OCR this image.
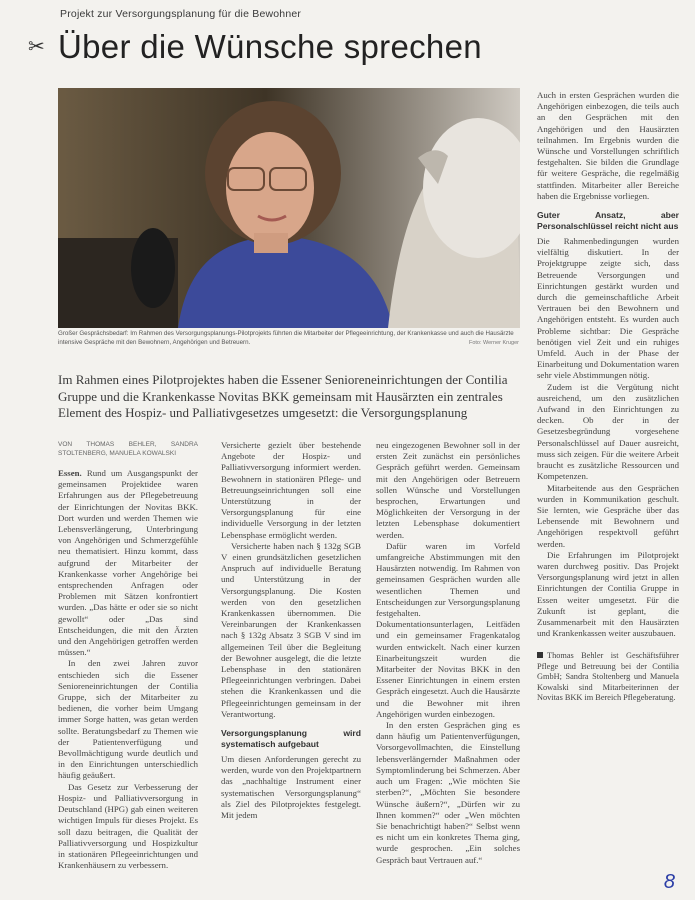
✂
Projekt zur Versorgungsplanung für die Bewohner
Über die Wünsche sprechen
Großer Gesprächsbedarf: Im Rahmen des Versorgungsplanungs-Pilotprojekts führten die Mitarbeiter der Pflegeeinrichtung, der Krankenkasse und auch die Hausärzte intensive Gespräche mit den Bewohnern, Angehörigen und Betreuern.	Foto: Werner Kruger
Im Rahmen eines Pilotprojektes haben die Essener Senioreneinrichtungen der Contilia Gruppe und die Krankenkasse Novitas BKK gemeinsam mit Hausärzten ein zentrales Element des Hospiz- und Palliativgesetzes umgesetzt: die Versorgungsplanung
VON THOMAS BEHLER, SANDRA STOLTENBERG, MANUELA KOWALSKI

Essen. Rund um Ausgangspunkt der gemeinsamen Projektidee waren Erfahrungen aus der Pflegebetreuung der Einrichtungen der Novitas BKK. Dort wurden und werden Themen wie Lebensverlängerung, Unterbringung von Angehörigen und Schmerzgefühle neu thematisiert. Hinzu kommt, dass aufgrund der Mitarbeiter der Krankenkasse vorher Angehörige bei entsprechenden Anfragen oder Problemen mit Sätzen konfrontiert wurden. „Das hätte er oder sie so nicht gewollt“ oder „Das sind Entscheidungen, die mit den Ärzten und den Angehörigen getroffen werden müssen.“

In den zwei Jahren zuvor entschieden sich die Essener Senioreneinrichtungen der Contilia Gruppe, sich der Mitarbeiter zu bedienen, die vorher beim Umgang immer Sorge hatten, was getan werden sollte. Beratungsbedarf zu Themen wie der Patientenverfügung und Bevollmächtigung wurde deutlich und in den Einrichtungen unterschiedlich häufig geäußert.

Das Gesetz zur Verbesserung der Hospiz- und Palliativversorgung in Deutschland (HPG) gab einen weiteren wichtigen Impuls für dieses Projekt. Es soll dazu beitragen, die Qualität der Palliativversorgung und Hospizkultur in stationären Pflegeeinrichtungen und Krankenhäusern zu verbessern.

Versicherte gezielt über bestehende Angebote der Hospiz- und Palliativversorgung informiert werden. Bewohnern in stationären Pflege- und Betreuungseinrichtungen soll eine Unterstützung in der Versorgungsplanung für eine individuelle Versorgung in der letzten Lebensphase ermöglicht werden.

Versicherte haben nach § 132g SGB V einen grundsätzlichen gesetzlichen Anspruch auf individuelle Beratung und Unterstützung in der Versorgungsplanung. Die Kosten werden von den gesetzlichen Krankenkassen übernommen. Die Vereinbarungen der Krankenkassen nach § 132g Absatz 3 SGB V sind im allgemeinen Teil über die Begleitung der Bewohner ausgelegt, die die letzte Lebensphase in den stationären Pflegeeinrichtungen verbringen. Dabei stehen die Krankenkassen und die Pflegeeinrichtungen gemeinsam in der Verantwortung.

Versorgungsplanung wird systematisch aufgebaut

Um diesen Anforderungen gerecht zu werden, wurde von den Projektpartnern das „nachhaltige Instrument einer systematischen Versorgungsplanung“ als Ziel des Pilotprojektes festgelegt. Mit jedem

neu eingezogenen Bewohner soll in der ersten Zeit zunächst ein persönliches Gespräch geführt werden. Gemeinsam mit den Angehörigen oder Betreuern sollen Wünsche und Vorstellungen besprochen, Erwartungen und Möglichkeiten der Versorgung in der letzten Lebensphase dokumentiert werden.

Dafür waren im Vorfeld umfangreiche Abstimmungen mit den Hausärzten notwendig. Im Rahmen von gemeinsamen Gesprächen wurden alle wesentlichen Themen und Entscheidungen zur Versorgungsplanung festgehalten. Dokumentationsunterlagen, Leitfäden und ein gemeinsamer Fragenkatalog wurden entwickelt. Nach einer kurzen Einarbeitungszeit wurden die Mitarbeiter der Novitas BKK in den Essener Einrichtungen in einem ersten Gespräch eingesetzt. Auch die Hausärzte und die Bewohner mit ihren Angehörigen wurden einbezogen.

In den ersten Gesprächen ging es dann häufig um Patientenverfügungen, Vorsorgevollmachten, die Einstellung lebensverlängernder Maßnahmen oder Symptomlinderung bei Schmerzen. Aber auch um Fragen: „Wie möchten Sie sterben?“, „Möchten Sie besondere Wünsche äußern?“, „Dürfen wir zu Ihnen kommen?“ oder „Wen möchten Sie benachrichtigt haben?“ Selbst wenn es nicht um ein konkretes Thema ging, wurde gesprochen. „Ein solches Gespräch baut Vertrauen auf.“

Auch in ersten Gesprächen wurden die Angehörigen einbezogen, die teils auch an den Gesprächen mit den Angehörigen und den Hausärzten teilnahmen. Im Ergebnis wurden die Wünsche und Vorstellungen schriftlich festgehalten. Sie bilden die Grundlage für weitere Gespräche, die regelmäßig stattfinden. Mitarbeiter aller Bereiche haben die Ergebnisse vorliegen.

Guter Ansatz, aber Personalschlüssel reicht nicht aus

Die Rahmenbedingungen wurden vielfältig diskutiert. In der Projektgruppe zeigte sich, dass Betreuende Versorgungen und Einrichtungen gestärkt wurden und durch die gemeinschaftliche Arbeit Vertrauen bei den Bewohnern und Angehörigen entsteht. Es wurden auch Probleme sichtbar: Die Gespräche benötigen viel Zeit und ein ruhiges Umfeld. Auch in der Phase der Einarbeitung und Dokumentation waren sehr viele Abstimmungen nötig.

Zudem ist die Vergütung nicht ausreichend, um den zusätzlichen Aufwand in den Einrichtungen zu decken. Ob der in der Gesetzesbegründung vorgesehene Personalschlüssel auf Dauer ausreicht, muss sich zeigen. Für die weitere Arbeit braucht es zusätzliche Ressourcen und Kompetenzen.

Mitarbeitende aus den Gesprächen wurden in Kommunikation geschult. Sie lernten, wie Gespräche über das Lebensende mit Bewohnern und Angehörigen respektvoll geführt werden.

Die Erfahrungen im Pilotprojekt waren durchweg positiv. Das Projekt Versorgungsplanung wird jetzt in allen Einrichtungen der Contilia Gruppe in Essen weiter umgesetzt. Für die Zukunft ist geplant, die Zusammenarbeit mit den Hausärzten und Krankenkassen weiter auszubauen.

Thomas Behler ist Geschäftsführer Pflege und Betreuung bei der Contilia GmbH; Sandra Stoltenberg und Manuela Kowalski sind Mitarbeiterinnen der Novitas BKK im Bereich Pflegeberatung.
8
